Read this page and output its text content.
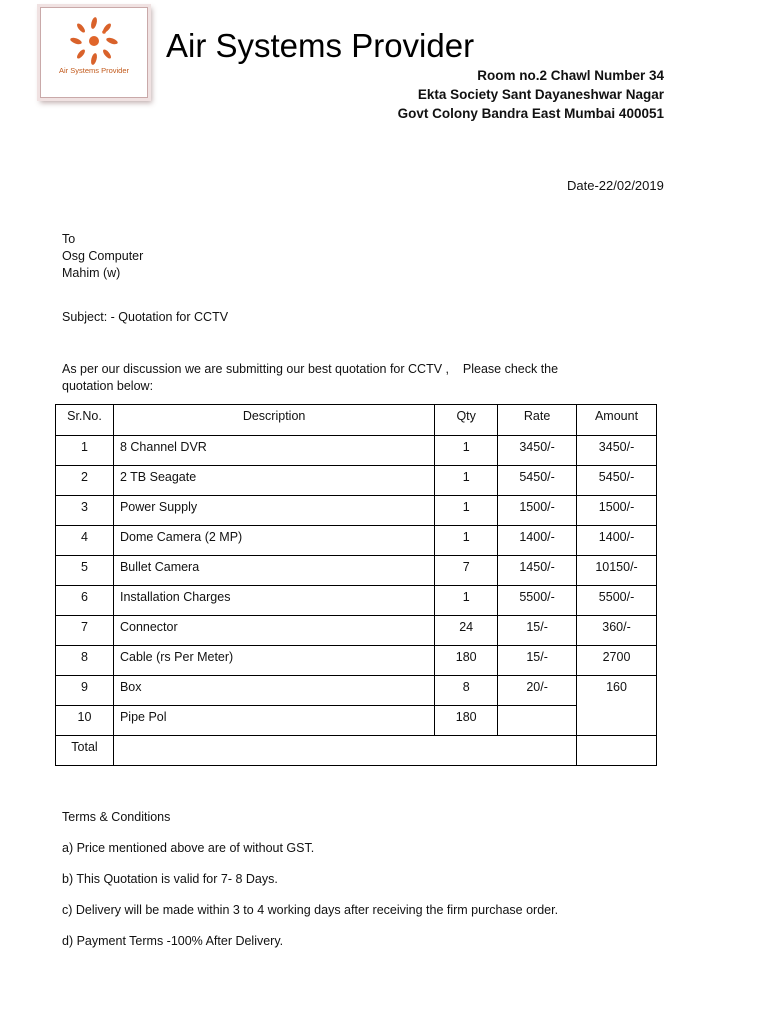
Air Systems Provider
Air Systems Provider
Room no.2 Chawl Number 34
Ekta Society Sant Dayaneshwar Nagar
Govt Colony Bandra East Mumbai 400051
Date-22/02/2019
To
Osg Computer
Mahim (w)
Subject: - Quotation for CCTV
As per our discussion we are submitting our best quotation for CCTV ,    Please check the
quotation below:
Sr.No.	Description	Qty	Rate	Amount
1	8 Channel DVR	1	3450/-	3450/-
2	2 TB Seagate	1	5450/-	5450/-
3	Power Supply	1	1500/-	1500/-
4	Dome Camera (2 MP)	1	1400/-	1400/-
5	Bullet Camera	7	1450/-	10150/-
6	Installation Charges	1	5500/-	5500/-
7	Connector	24	15/-	360/-
8	Cable (rs Per Meter)	180	15/-	2700
9	Box	8	20/-	160
10	Pipe Pol	180		
Total				
Terms & Conditions
a) Price mentioned above are of without GST.
b) This Quotation is valid for 7- 8 Days.
c) Delivery will be made within 3 to 4 working days after receiving the firm purchase order.
d) Payment Terms -100% After Delivery.
